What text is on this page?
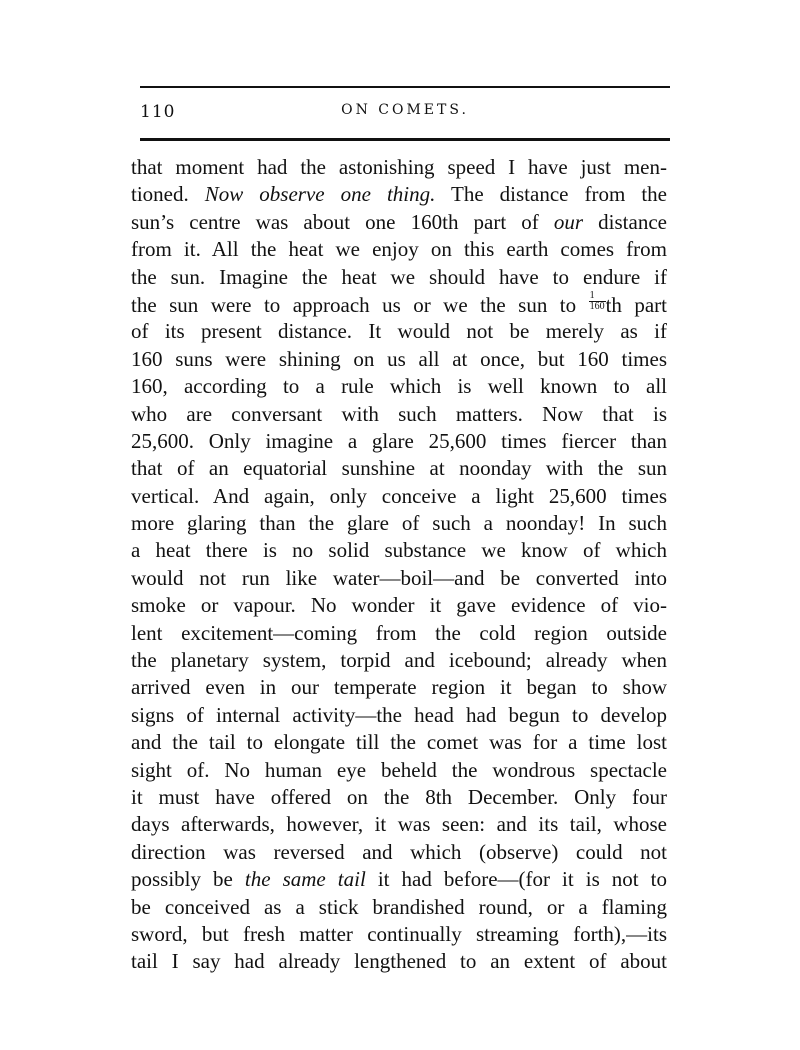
110	ON COMETS.
that moment had the astonishing speed I have just men-
tioned. Now observe one thing. The distance from the
sun’s centre was about one 160th part of our distance
from it. All the heat we enjoy on this earth comes from
the sun. Imagine the heat we should have to endure if
the sun were to approach us or we the sun to $\frac{1}{160}$ th part
of its present distance. It would not be merely as if
160 suns were shining on us all at once, but 160 times
160, according to a rule which is well known to all
who are conversant with such matters. Now that is
25,600. Only imagine a glare 25,600 times fiercer than
that of an equatorial sunshine at noonday with the sun
vertical. And again, only conceive a light 25,600 times
more glaring than the glare of such a noonday! In such
a heat there is no solid substance we know of which
would not run like water—boil—and be converted into
smoke or vapour. No wonder it gave evidence of vio-
lent excitement—coming from the cold region outside
the planetary system, torpid and icebound; already when
arrived even in our temperate region it began to show
signs of internal activity—the head had begun to develop
and the tail to elongate till the comet was for a time lost
sight of. No human eye beheld the wondrous spectacle
it must have offered on the 8th December. Only four
days afterwards, however, it was seen: and its tail, whose
direction was reversed and which (observe) could not
possibly be the same tail it had before—(for it is not to
be conceived as a stick brandished round, or a flaming
sword, but fresh matter continually streaming forth),—its
tail I say had already lengthened to an extent of about
